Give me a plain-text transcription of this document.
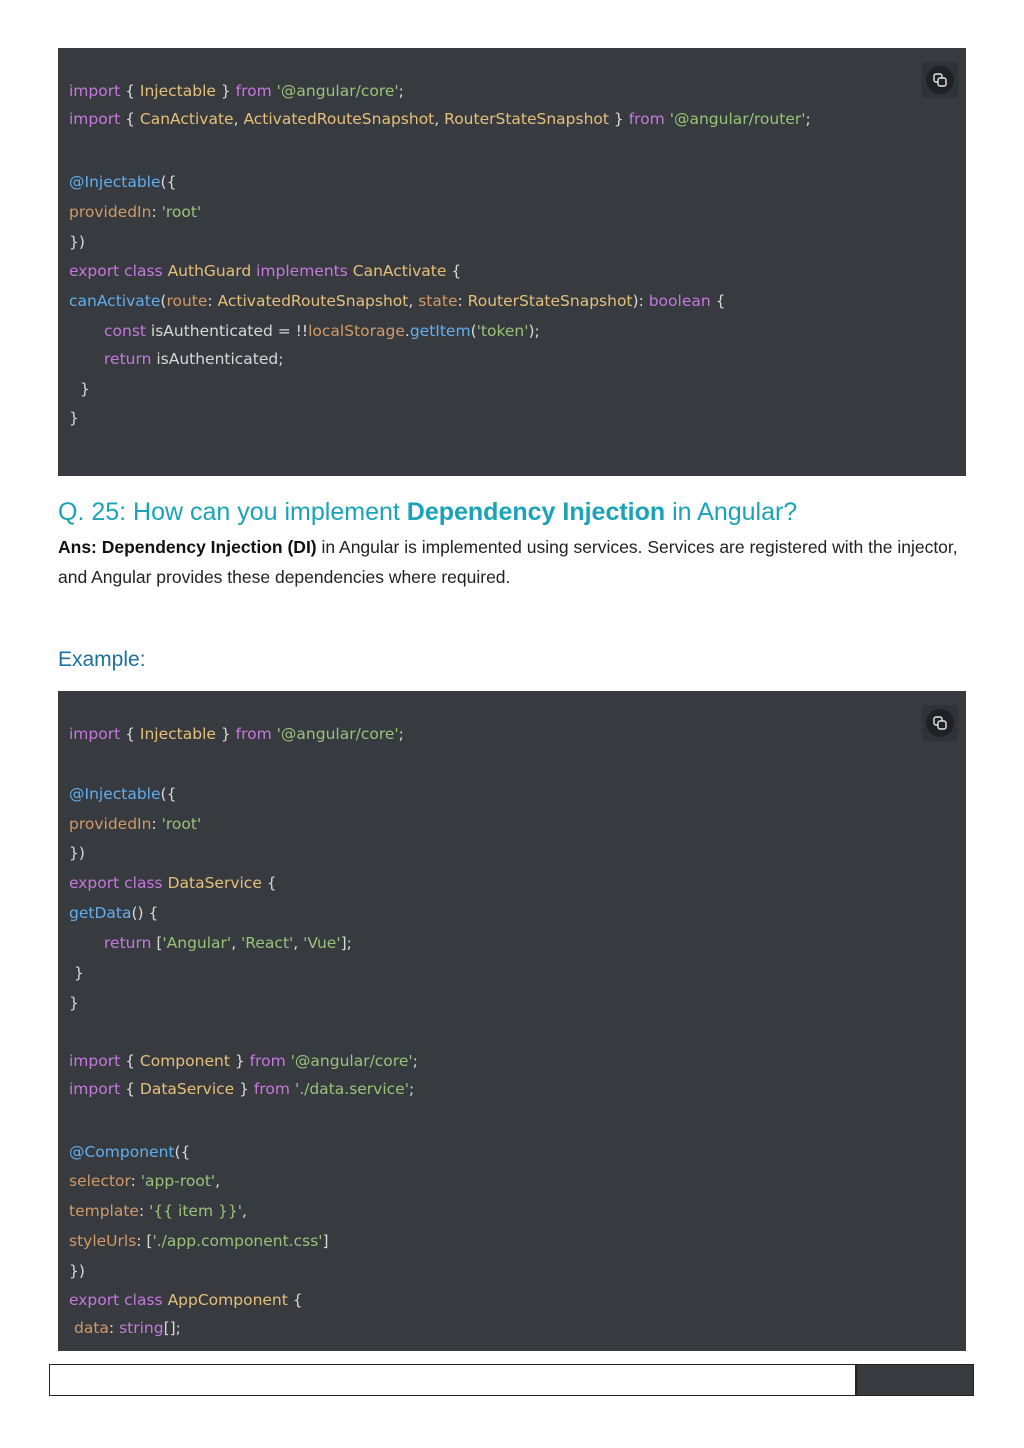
import { Injectable } from '@angular/core';
import { CanActivate, ActivatedRouteSnapshot, RouterStateSnapshot } from '@angular/router';
@Injectable({
providedIn: 'root'
})
export class AuthGuard implements CanActivate {
canActivate(route: ActivatedRouteSnapshot, state: RouterStateSnapshot): boolean {
const isAuthenticated = !!localStorage.getItem('token');
return isAuthenticated;
}
}
Q. 25: How can you implement Dependency Injection in Angular?

Ans: Dependency Injection (DI) in Angular is implemented using services. Services are registered with the injector, and Angular provides these dependencies where required.

Example:
import { Injectable } from '@angular/core';
@Injectable({
providedIn: 'root'
})
export class DataService {
getData() {
return ['Angular', 'React', 'Vue'];
}
}
import { Component } from '@angular/core';
import { DataService } from './data.service';
@Component({
selector: 'app-root',
template: '{{ item }}',
styleUrls: ['./app.component.css']
})
export class AppComponent {
data: string[];
